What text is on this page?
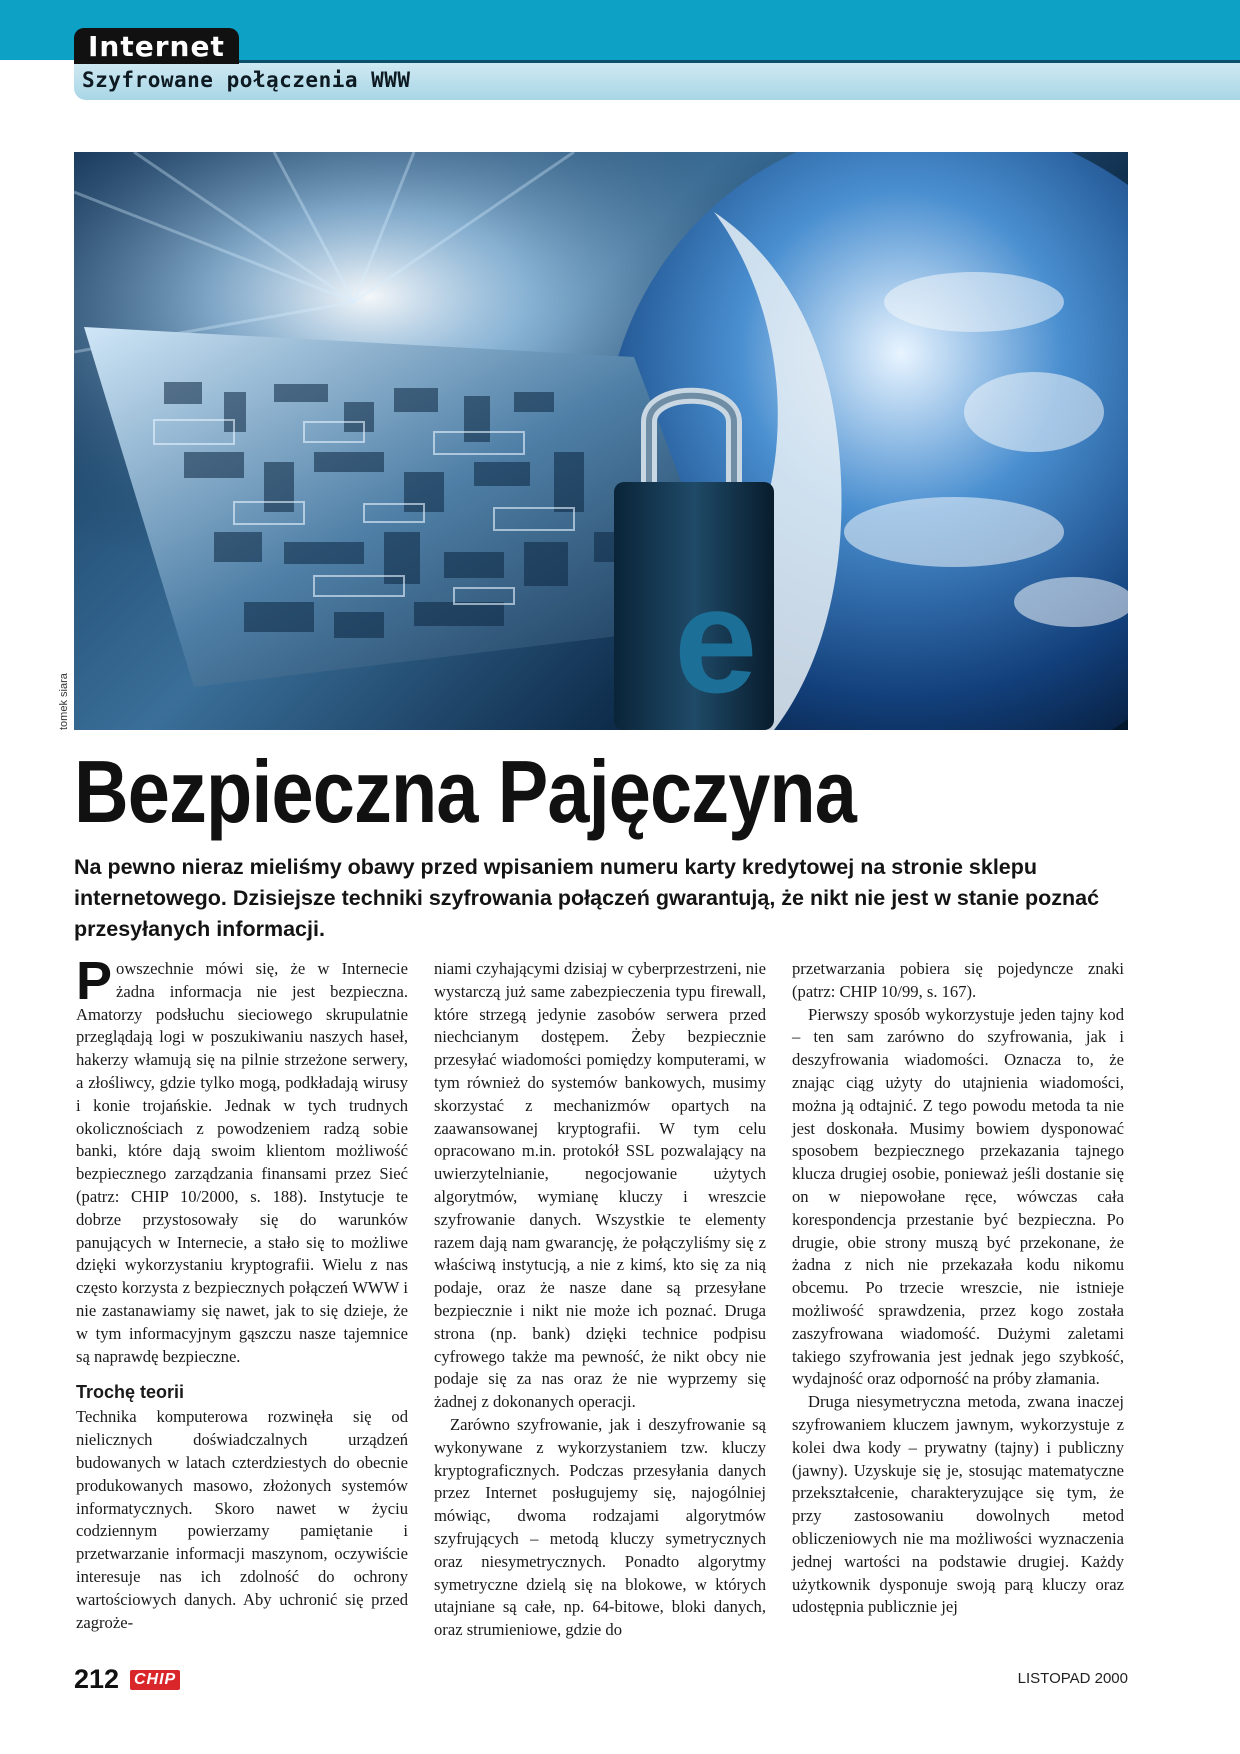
Internet
Szyfrowane połączenia WWW
e
tomek siara
Bezpieczna Pajęczyna
Na pewno nieraz mieliśmy obawy przed wpisaniem numeru karty kredytowej na stronie sklepu internetowego. Dzisiejsze techniki szyfrowania połączeń gwarantują, że nikt nie jest w stanie poznać przesyłanych informacji.

Powszechnie mówi się, że w Internecie żadna informacja nie jest bezpieczna. Amatorzy podsłuchu sieciowego skrupulatnie przeglądają logi w poszukiwaniu naszych haseł, hakerzy włamują się na pilnie strzeżone serwery, a złośliwcy, gdzie tylko mogą, podkładają wirusy i konie trojańskie. Jednak w tych trudnych okolicznościach z powodzeniem radzą sobie banki, które dają swoim klientom możliwość bezpiecznego zarządzania finansami przez Sieć (patrz: CHIP 10/2000, s. 188). Instytucje te dobrze przystosowały się do warunków panujących w Internecie, a stało się to możliwe dzięki wykorzystaniu kryptografii. Wielu z nas często korzysta z bezpiecznych połączeń WWW i nie zastanawiamy się nawet, jak to się dzieje, że w tym informacyjnym gąszczu nasze tajemnice są naprawdę bezpieczne.

Trochę teorii

Technika komputerowa rozwinęła się od nielicznych doświadczalnych urządzeń budowanych w latach czterdziestych do obecnie produkowanych masowo, złożonych systemów informatycznych. Skoro nawet w życiu codziennym powierzamy pamiętanie i przetwarzanie informacji maszynom, oczywiście interesuje nas ich zdolność do ochrony wartościowych danych. Aby uchronić się przed zagroże-

niami czyhającymi dzisiaj w cyberprzestrzeni, nie wystarczą już same zabezpieczenia typu firewall, które strzegą jedynie zasobów serwera przed niechcianym dostępem. Żeby bezpiecznie przesyłać wiadomości pomiędzy komputerami, w tym również do systemów bankowych, musimy skorzystać z mechanizmów opartych na zaawansowanej kryptografii. W tym celu opracowano m.in. protokół SSL pozwalający na uwierzytelnianie, negocjowanie użytych algorytmów, wymianę kluczy i wreszcie szyfrowanie danych. Wszystkie te elementy razem dają nam gwarancję, że połączyliśmy się z właściwą instytucją, a nie z kimś, kto się za nią podaje, oraz że nasze dane są przesyłane bezpiecznie i nikt nie może ich poznać. Druga strona (np. bank) dzięki technice podpisu cyfrowego także ma pewność, że nikt obcy nie podaje się za nas oraz że nie wyprzemy się żadnej z dokonanych operacji.

Zarówno szyfrowanie, jak i deszyfrowanie są wykonywane z wykorzystaniem tzw. kluczy kryptograficznych. Podczas przesyłania danych przez Internet posługujemy się, najogólniej mówiąc, dwoma rodzajami algorytmów szyfrujących – metodą kluczy symetrycznych oraz niesymetrycznych. Ponadto algorytmy symetryczne dzielą się na blokowe, w których utajniane są całe, np. 64-bitowe, bloki danych, oraz strumieniowe, gdzie do

przetwarzania pobiera się pojedyncze znaki (patrz: CHIP 10/99, s. 167).

Pierwszy sposób wykorzystuje jeden tajny kod – ten sam zarówno do szyfrowania, jak i deszyfrowania wiadomości. Oznacza to, że znając ciąg użyty do utajnienia wiadomości, można ją odtajnić. Z tego powodu metoda ta nie jest doskonała. Musimy bowiem dysponować sposobem bezpiecznego przekazania tajnego klucza drugiej osobie, ponieważ jeśli dostanie się on w niepowołane ręce, wówczas cała korespondencja przestanie być bezpieczna. Po drugie, obie strony muszą być przekonane, że żadna z nich nie przekazała kodu nikomu obcemu. Po trzecie wreszcie, nie istnieje możliwość sprawdzenia, przez kogo została zaszyfrowana wiadomość. Dużymi zaletami takiego szyfrowania jest jednak jego szybkość, wydajność oraz odporność na próby złamania.

Druga niesymetryczna metoda, zwana inaczej szyfrowaniem kluczem jawnym, wykorzystuje z kolei dwa kody – prywatny (tajny) i publiczny (jawny). Uzyskuje się je, stosując matematyczne przekształcenie, charakteryzujące się tym, że przy zastosowaniu dowolnych metod obliczeniowych nie ma możliwości wyznaczenia jednej wartości na podstawie drugiej. Każdy użytkownik dysponuje swoją parą kluczy oraz udostępnia publicznie jej

212 CHIP	LISTOPAD 2000
